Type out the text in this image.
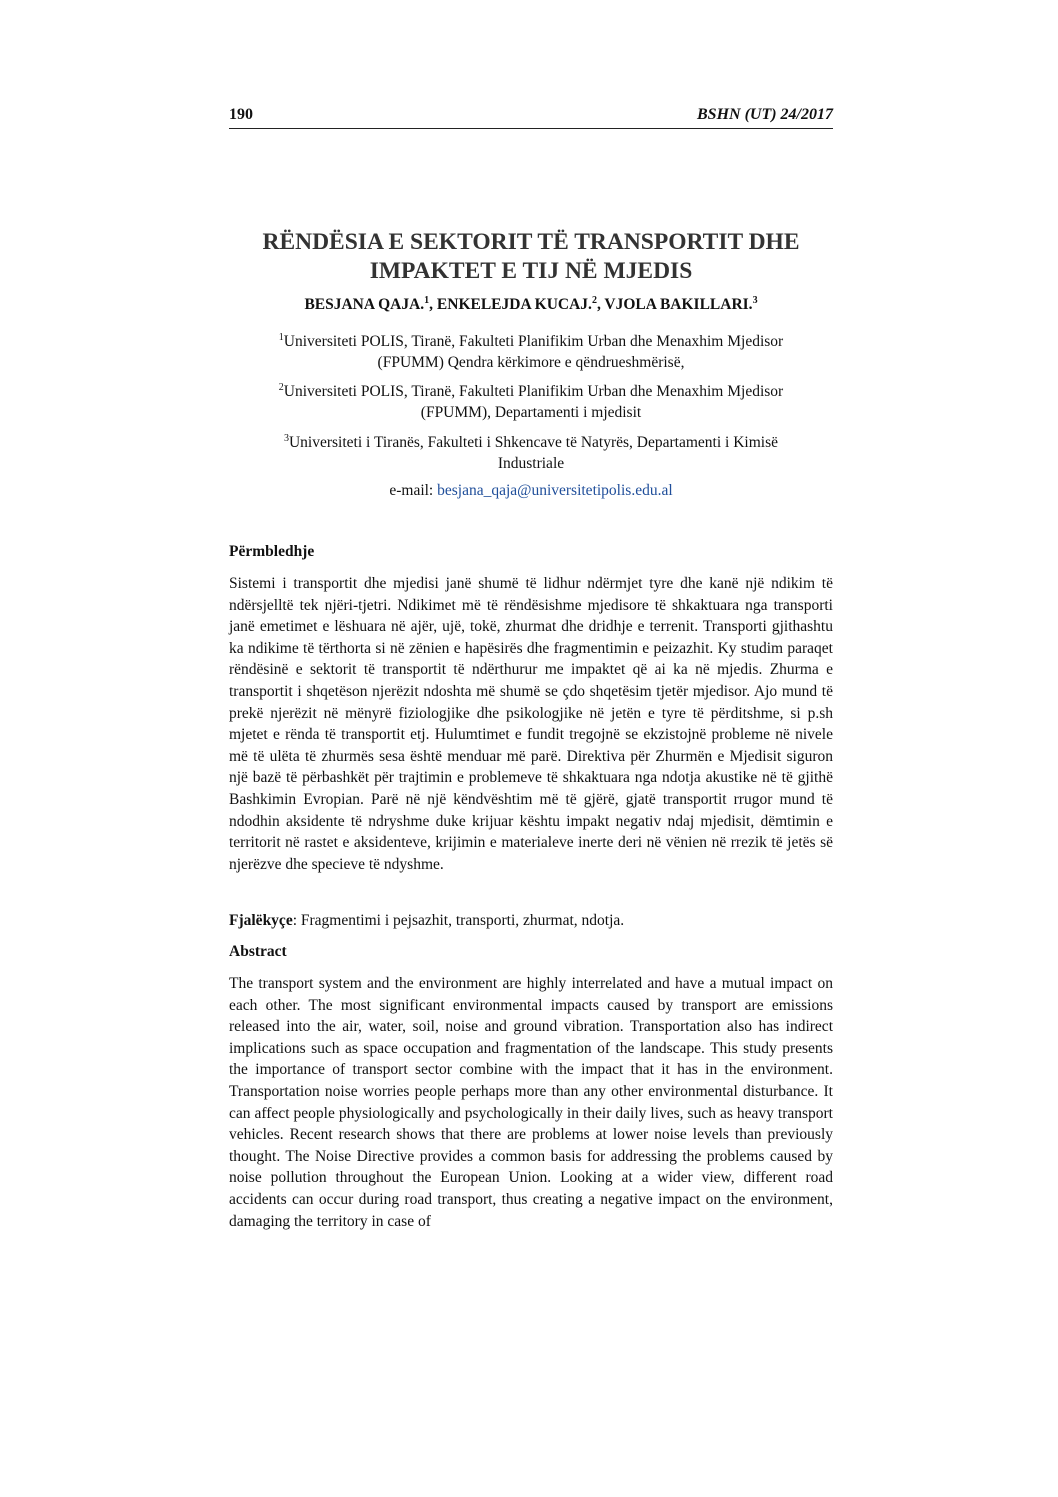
190	BSHN (UT) 24/2017
RËNDËSIA E SEKTORIT TË TRANSPORTIT DHE
IMPAKTET E TIJ NË MJEDIS
BESJANA QAJA.$^1$, ENKELEJDA KUCAJ.$^2$, VJOLA BAKILLARI.$^3$
$^1$Universiteti POLIS, Tiranë, Fakulteti Planifikim Urban dhe Menaxhim Mjedisor
(FPUMM) Qendra kërkimore e qëndrueshmërisë,
$^2$Universiteti POLIS, Tiranë, Fakulteti Planifikim Urban dhe Menaxhim Mjedisor
(FPUMM), Departamenti i mjedisit
$^3$Universiteti i Tiranës, Fakulteti i Shkencave të Natyrës, Departamenti i Kimisë
Industriale
e-mail: besjana_qaja@universitetipolis.edu.al
Përmbledhje
Sistemi i transportit dhe mjedisi janë shumë të lidhur ndërmjet tyre dhe kanë një ndikim të ndërsjelltë tek njëri-tjetri. Ndikimet më të rëndësishme mjedisore të shkaktuara nga transporti janë emetimet e lëshuara në ajër, ujë, tokë, zhurmat dhe dridhje e terrenit. Transporti gjithashtu ka ndikime të tërthorta si në zënien e hapësirës dhe fragmentimin e peizazhit. Ky studim paraqet rëndësinë e sektorit të transportit të ndërthurur me impaktet që ai ka në mjedis. Zhurma e transportit i shqetëson njerëzit ndoshta më shumë se çdo shqetësim tjetër mjedisor. Ajo mund të prekë njerëzit në mënyrë fiziologjike dhe psikologjike në jetën e tyre të përditshme, si p.sh mjetet e rënda të transportit etj. Hulumtimet e fundit tregojnë se ekzistojnë probleme në nivele më të ulëta të zhurmës sesa është menduar më parë. Direktiva për Zhurmën e Mjedisit siguron një bazë të përbashkët për trajtimin e problemeve të shkaktuara nga ndotja akustike në të gjithë Bashkimin Evropian. Parë në një këndvështim më të gjërë, gjatë transportit rrugor mund të ndodhin aksidente të ndryshme duke krijuar kështu impakt negativ ndaj mjedisit, dëmtimin e territorit në rastet e aksidenteve, krijimin e materialeve inerte deri në vënien në rrezik të jetës së njerëzve dhe specieve të ndyshme.
Fjalëkyçe: Fragmentimi i pejsazhit, transporti, zhurmat, ndotja.
Abstract
The transport system and the environment are highly interrelated and have a mutual impact on each other. The most significant environmental impacts caused by transport are emissions released into the air, water, soil, noise and ground vibration. Transportation also has indirect implications such as space occupation and fragmentation of the landscape. This study presents the importance of transport sector combine with the impact that it has in the environment. Transportation noise worries people perhaps more than any other environmental disturbance. It can affect people physiologically and psychologically in their daily lives, such as heavy transport vehicles. Recent research shows that there are problems at lower noise levels than previously thought. The Noise Directive provides a common basis for addressing the problems caused by noise pollution throughout the European Union. Looking at a wider view, different road accidents can occur during road transport, thus creating a negative impact on the environment, damaging the territory in case of
